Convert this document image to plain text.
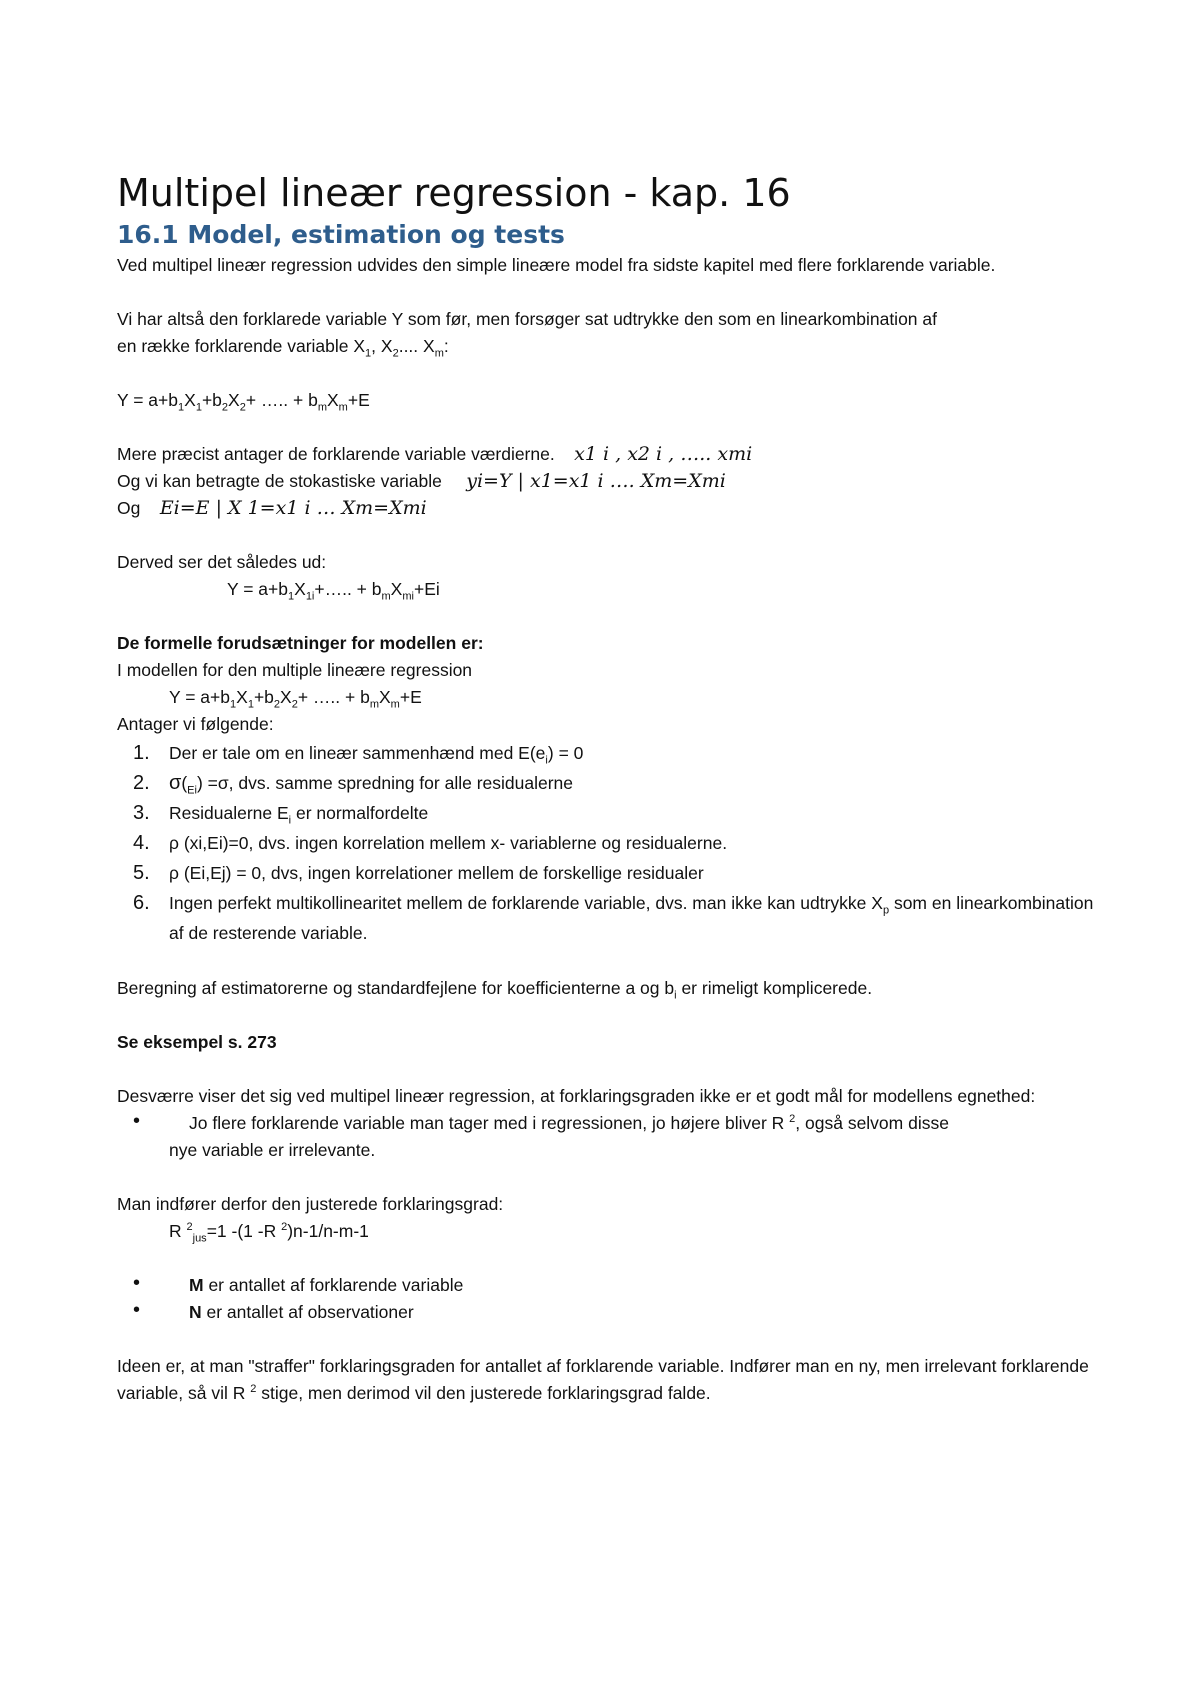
Multipel lineær regression - kap. 16
16.1 Model, estimation og tests

Ved multipel lineær regression udvides den simple lineære model fra sidste kapitel med flere forklarende variable.

Vi har altså den forklarede variable Y som før, men forsøger sat udtrykke den som en linearkombination af
en række forklarende variable $X_1$, $X_2$.... $X_m$:

$Y = a+b_1X_1+b_2X_2+$ ….. + $b_mX_m+E$

Mere præcist antager de forklarende variable værdierne. x1 i , x2 i , ….. xmi

Og vi kan betragte de stokastiske variable yi=Y | x1=x1 i …. Xm=Xmi

Og Ei=E | X 1=x1 i … Xm=Xmi

Derved ser det således ud:

$Y = a+b_1X_{1i}+\dots$.. + $b_mX_{mi}+Ei$

De formelle forudsætninger for modellen er:

I modellen for den multiple lineære regression

$Y = a+b_1X_1+b_2X_2+$ ….. + $b_mX_m+E$

Antager vi følgende:

1. Der er tale om en lineær sammenhænd med $E(e_i) = 0$
2. $\sigma(_{Ei}) =\sigma$, dvs. samme spredning for alle residualerne
3. Residualerne $E_i$ er normalfordelte
4. ρ (xi,Ei)=0, dvs. ingen korrelation mellem x- variablerne og residualerne.
5. ρ (Ei,Ej) = 0, dvs, ingen korrelationer mellem de forskellige residualer
6. Ingen perfekt multikollinearitet mellem de forklarende variable, dvs. man ikke kan udtrykke $X_p$ som en linearkombination af de resterende variable.

Beregning af estimatorerne og standardfejlene for koefficienterne a og $b_i$ er rimeligt komplicerede.

Se eksempel s. 273

Desværre viser det sig ved multipel lineær regression, at forklaringsgraden ikke er et godt mål for modellens egnethed:

•	Jo flere forklarende variable man tager med i regressionen, jo højere bliver R $^2$, også selvom disse
nye variable er irrelevante.

Man indfører derfor den justerede forklaringsgrad:

R $^2_{jus}$=1 -(1 -R $^2$)n-1/n-m-1

•	M er antallet af forklarende variable
•	N er antallet af observationer

Ideen er, at man "straffer" forklaringsgraden for antallet af forklarende variable. Indfører man en ny, men irrelevant forklarende variable, så vil R $^2$ stige, men derimod vil den justerede forklaringsgrad falde.
